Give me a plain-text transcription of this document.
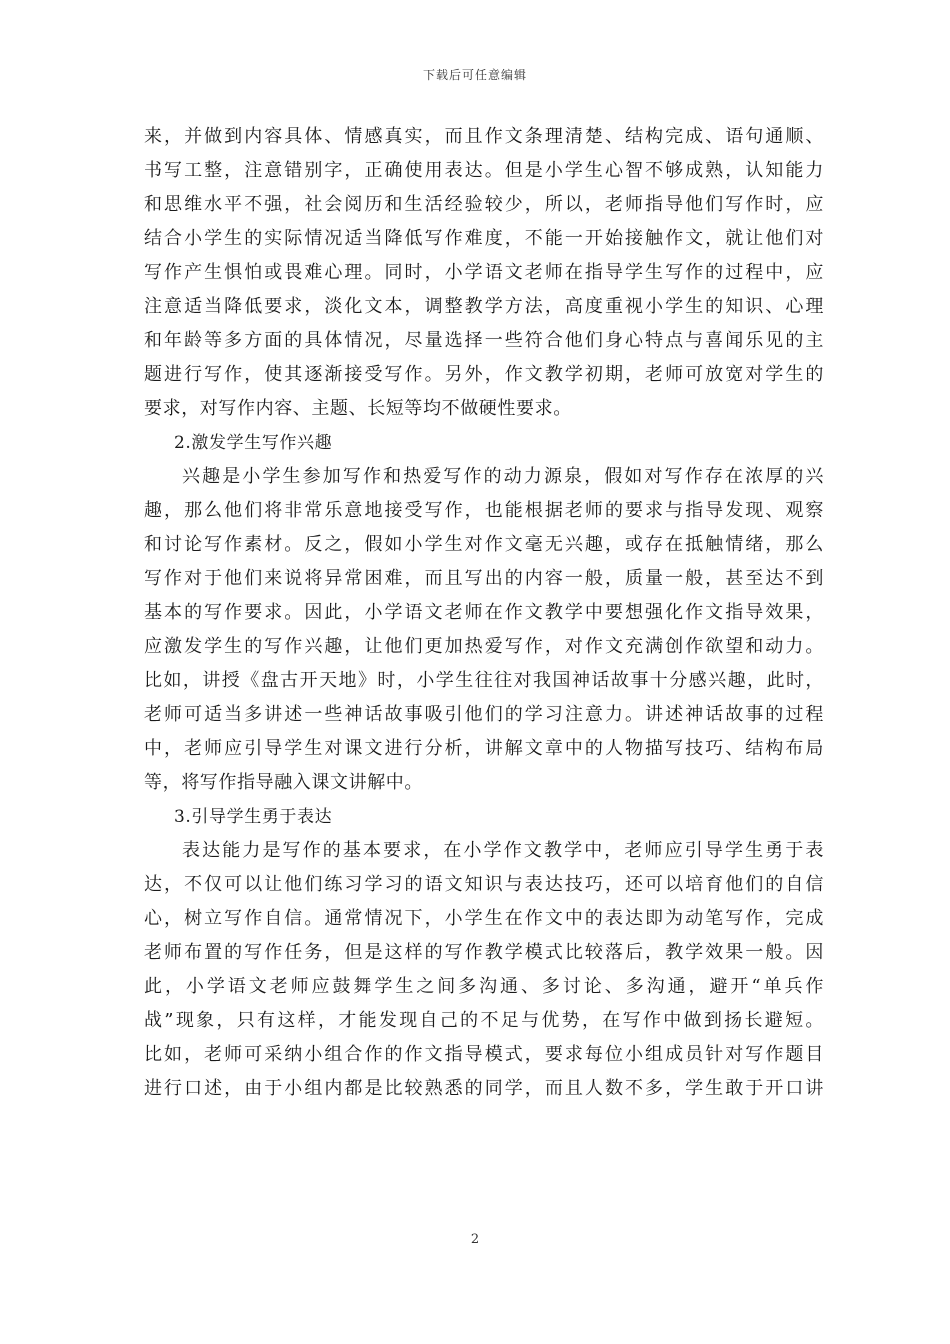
下载后可任意编辑
来，并做到内容具体、情感真实，而且作文条理清楚、结构完成、语句通顺、
书写工整，注意错别字，正确使用表达。但是小学生心智不够成熟，认知能力
和思维水平不强，社会阅历和生活经验较少，所以，老师指导他们写作时，应
结合小学生的实际情况适当降低写作难度，不能一开始接触作文，就让他们对
写作产生惧怕或畏难心理。同时，小学语文老师在指导学生写作的过程中，应
注意适当降低要求，淡化文本，调整教学方法，高度重视小学生的知识、心理
和年龄等多方面的具体情况，尽量选择一些符合他们身心特点与喜闻乐见的主
题进行写作，使其逐渐接受写作。另外，作文教学初期，老师可放宽对学生的
要求，对写作内容、主题、长短等均不做硬性要求。
2.激发学生写作兴趣
兴趣是小学生参加写作和热爱写作的动力源泉，假如对写作存在浓厚的兴
趣，那么他们将非常乐意地接受写作，也能根据老师的要求与指导发现、观察
和讨论写作素材。反之，假如小学生对作文毫无兴趣，或存在抵触情绪，那么
写作对于他们来说将异常困难，而且写出的内容一般，质量一般，甚至达不到
基本的写作要求。因此，小学语文老师在作文教学中要想强化作文指导效果，
应激发学生的写作兴趣，让他们更加热爱写作，对作文充满创作欲望和动力。
比如，讲授《盘古开天地》时，小学生往往对我国神话故事十分感兴趣，此时，
老师可适当多讲述一些神话故事吸引他们的学习注意力。讲述神话故事的过程
中，老师应引导学生对课文进行分析，讲解文章中的人物描写技巧、结构布局
等，将写作指导融入课文讲解中。
3.引导学生勇于表达
表达能力是写作的基本要求，在小学作文教学中，老师应引导学生勇于表
达，不仅可以让他们练习学习的语文知识与表达技巧，还可以培育他们的自信
心，树立写作自信。通常情况下，小学生在作文中的表达即为动笔写作，完成
老师布置的写作任务，但是这样的写作教学模式比较落后，教学效果一般。因
此，小学语文老师应鼓舞学生之间多沟通、多讨论、多沟通，避开“单兵作
战”现象，只有这样，才能发现自己的不足与优势，在写作中做到扬长避短。
比如，老师可采纳小组合作的作文指导模式，要求每位小组成员针对写作题目
进行口述，由于小组内都是比较熟悉的同学，而且人数不多，学生敢于开口讲
2
